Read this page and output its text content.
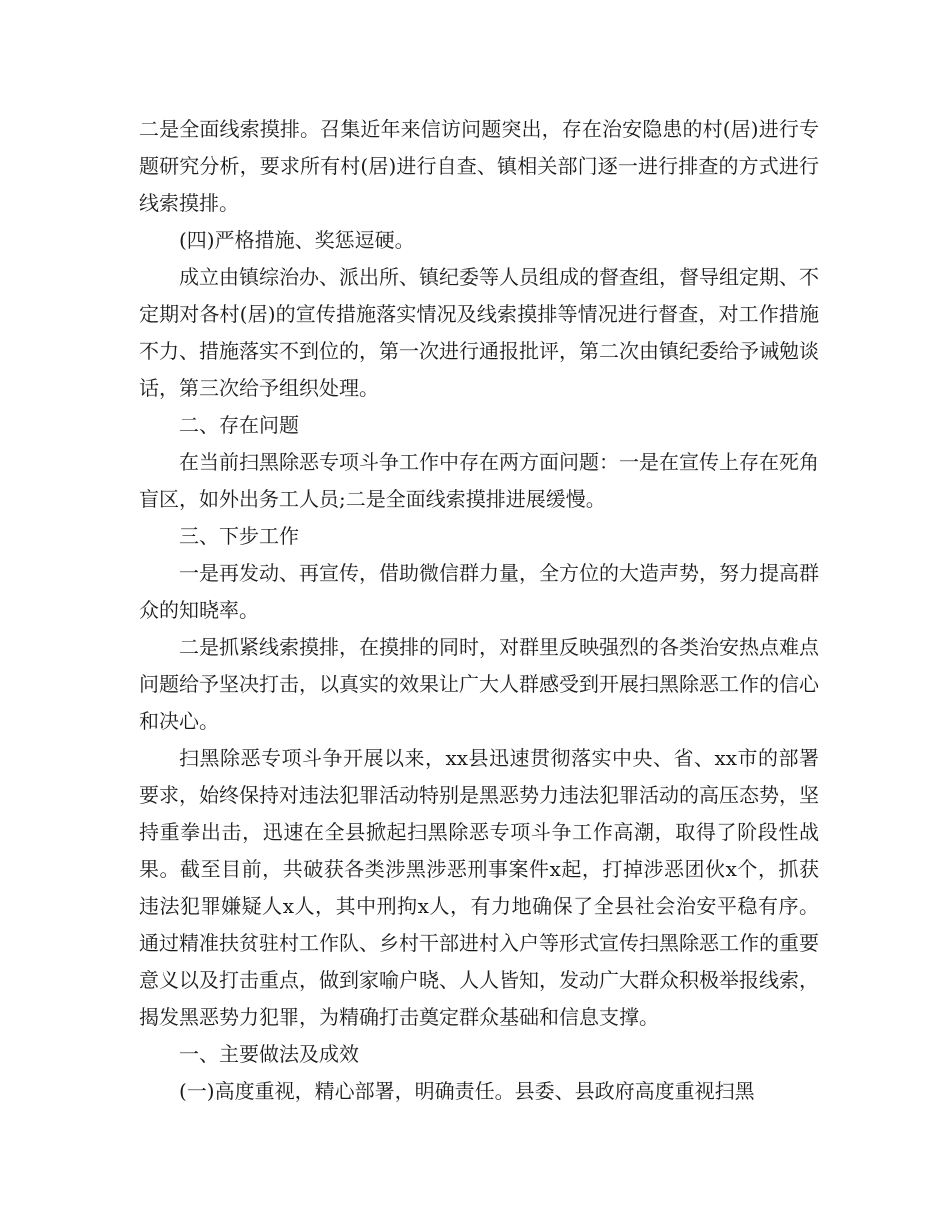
二是全面线索摸排。召集近年来信访问题突出，存在治安隐患的村(居)进行专题研究分析，要求所有村(居)进行自查、镇相关部门逐一进行排查的方式进行线索摸排。

(四)严格措施、奖惩逗硬。

成立由镇综治办、派出所、镇纪委等人员组成的督查组，督导组定期、不定期对各村(居)的宣传措施落实情况及线索摸排等情况进行督查，对工作措施不力、措施落实不到位的，第一次进行通报批评，第二次由镇纪委给予诫勉谈话，第三次给予组织处理。

二、存在问题

在当前扫黑除恶专项斗争工作中存在两方面问题：一是在宣传上存在死角盲区，如外出务工人员;二是全面线索摸排进展缓慢。

三、下步工作

一是再发动、再宣传，借助微信群力量，全方位的大造声势，努力提高群众的知晓率。

二是抓紧线索摸排，在摸排的同时，对群里反映强烈的各类治安热点难点问题给予坚决打击，以真实的效果让广大人群感受到开展扫黑除恶工作的信心和决心。

扫黑除恶专项斗争开展以来，xx县迅速贯彻落实中央、省、xx市的部署要求，始终保持对违法犯罪活动特别是黑恶势力违法犯罪活动的高压态势，坚持重拳出击，迅速在全县掀起扫黑除恶专项斗争工作高潮，取得了阶段性战果。截至目前，共破获各类涉黑涉恶刑事案件x起，打掉涉恶团伙x个，抓获违法犯罪嫌疑人x人，其中刑拘x人，有力地确保了全县社会治安平稳有序。通过精准扶贫驻村工作队、乡村干部进村入户等形式宣传扫黑除恶工作的重要意义以及打击重点，做到家喻户晓、人人皆知，发动广大群众积极举报线索，揭发黑恶势力犯罪，为精确打击奠定群众基础和信息支撑。

一、主要做法及成效

(一)高度重视，精心部署，明确责任。县委、县政府高度重视扫黑
